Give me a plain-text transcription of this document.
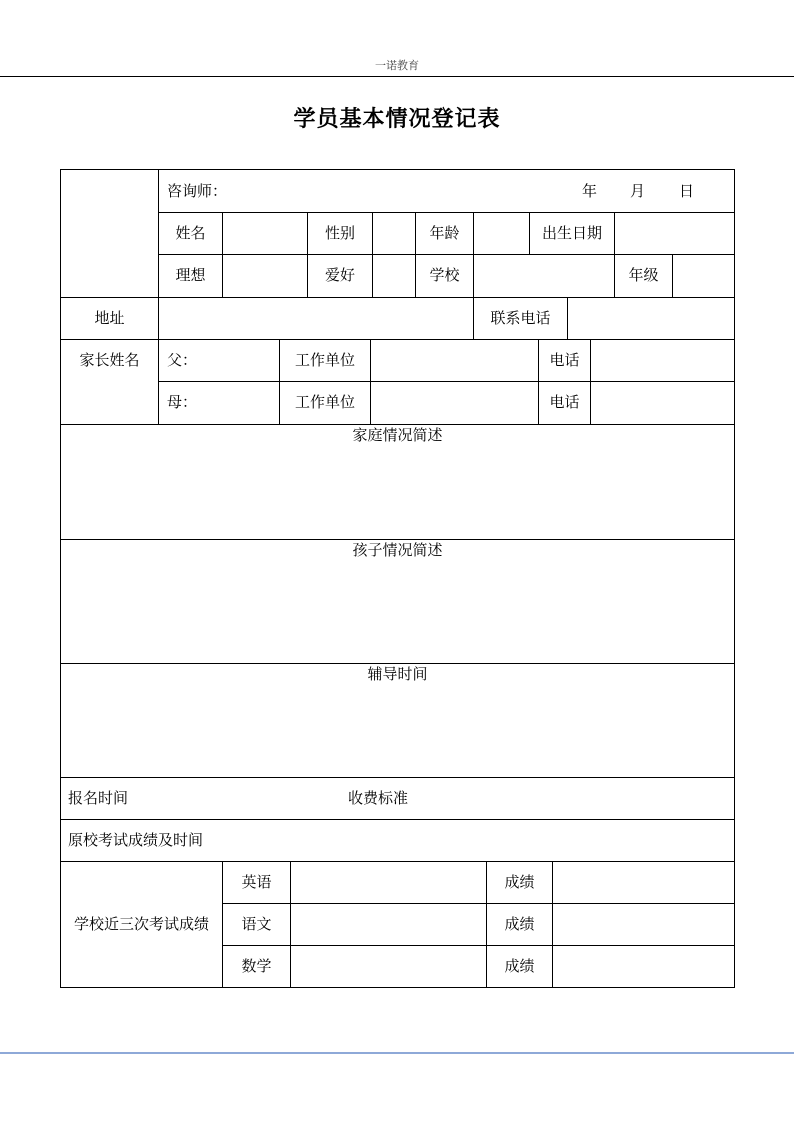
一诺教育
学员基本情况登记表
咨询师：	年 月 日
姓名	性别	年龄	出生日期
理想	爱好	学校	年级
地址	联系电话
家长姓名	父：	工作单位	电话
母：	工作单位	电话
家庭情况简述
孩子情况简述
辅导时间
报名时间	收费标准
原校考试成绩及时间
学校近三次考试成绩
英语	成绩
语文	成绩
数学	成绩
